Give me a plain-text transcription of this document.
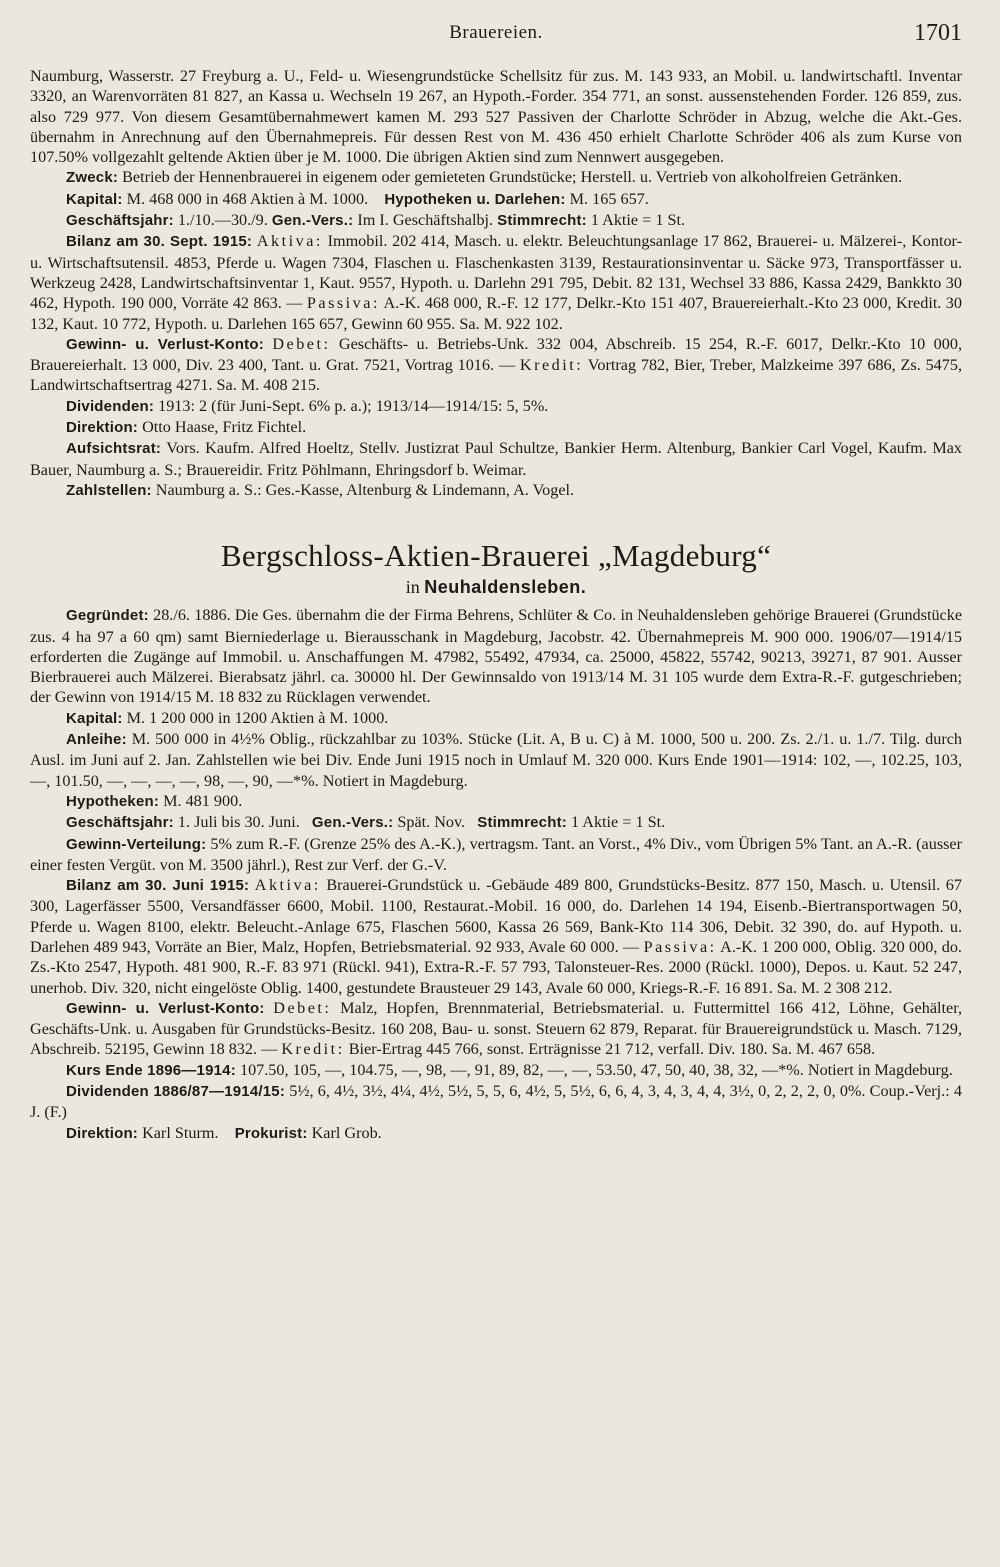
Brauereien.	1701

Naumburg, Wasserstr. 27 Freyburg a. U., Feld- u. Wiesengrundstücke Schellsitz für zus. M. 143 933, an Mobil. u. landwirtschaftl. Inventar 3320, an Warenvorräten 81 827, an Kassa u. Wechseln 19 267, an Hypoth.-Forder. 354 771, an sonst. aussenstehenden Forder. 126 859, zus. also 729 977. Von diesem Gesamtübernahmewert kamen M. 293 527 Passiven der Charlotte Schröder in Abzug, welche die Akt.-Ges. übernahm in Anrechnung auf den Übernahmepreis. Für dessen Rest von M. 436 450 erhielt Charlotte Schröder 406 als zum Kurse von 107.50% vollgezahlt geltende Aktien über je M. 1000. Die übrigen Aktien sind zum Nennwert ausgegeben.

Zweck: Betrieb der Hennenbrauerei in eigenem oder gemieteten Grundstücke; Herstell. u. Vertrieb von alkoholfreien Getränken.

Kapital: M. 468 000 in 468 Aktien à M. 1000. Hypotheken u. Darlehen: M. 165 657.

Geschäftsjahr: 1./10.—30./9. Gen.-Vers.: Im I. Geschäftshalbj. Stimmrecht: 1 Aktie = 1 St.

Bilanz am 30. Sept. 1915: Aktiva: Immobil. 202 414, Masch. u. elektr. Beleuchtungsanlage 17 862, Brauerei- u. Mälzerei-, Kontor- u. Wirtschaftsutensil. 4853, Pferde u. Wagen 7304, Flaschen u. Flaschenkasten 3139, Restaurationsinventar u. Säcke 973, Transportfässer u. Werkzeug 2428, Landwirtschaftsinventar 1, Kaut. 9557, Hypoth. u. Darlehn 291 795, Debit. 82 131, Wechsel 33 886, Kassa 2429, Bankkto 30 462, Hypoth. 190 000, Vorräte 42 863. — Passiva: A.-K. 468 000, R.-F. 12 177, Delkr.-Kto 151 407, Brauereierhalt.-Kto 23 000, Kredit. 30 132, Kaut. 10 772, Hypoth. u. Darlehen 165 657, Gewinn 60 955. Sa. M. 922 102.

Gewinn- u. Verlust-Konto: Debet: Geschäfts- u. Betriebs-Unk. 332 004, Abschreib. 15 254, R.-F. 6017, Delkr.-Kto 10 000, Brauereierhalt. 13 000, Div. 23 400, Tant. u. Grat. 7521, Vortrag 1016. — Kredit: Vortrag 782, Bier, Treber, Malzkeime 397 686, Zs. 5475, Landwirtschaftsertrag 4271. Sa. M. 408 215.

Dividenden: 1913: 2 (für Juni-Sept. 6% p. a.); 1913/14—1914/15: 5, 5%.

Direktion: Otto Haase, Fritz Fichtel.

Aufsichtsrat: Vors. Kaufm. Alfred Hoeltz, Stellv. Justizrat Paul Schultze, Bankier Herm. Altenburg, Bankier Carl Vogel, Kaufm. Max Bauer, Naumburg a. S.; Brauereidir. Fritz Pöhlmann, Ehringsdorf b. Weimar.

Zahlstellen: Naumburg a. S.: Ges.-Kasse, Altenburg & Lindemann, A. Vogel.

Bergschloss-Aktien-Brauerei „Magdeburg“
in Neuhaldensleben.

Gegründet: 28./6. 1886. Die Ges. übernahm die der Firma Behrens, Schlüter & Co. in Neuhaldensleben gehörige Brauerei (Grundstücke zus. 4 ha 97 a 60 qm) samt Bierniederlage u. Bierausschank in Magdeburg, Jacobstr. 42. Übernahmepreis M. 900 000. 1906/07—1914/15 erforderten die Zugänge auf Immobil. u. Anschaffungen M. 47982, 55492, 47934, ca. 25000, 45822, 55742, 90213, 39271, 87 901. Ausser Bierbrauerei auch Mälzerei. Bierabsatz jährl. ca. 30000 hl. Der Gewinnsaldo von 1913/14 M. 31 105 wurde dem Extra-R.-F. gutgeschrieben; der Gewinn von 1914/15 M. 18 832 zu Rücklagen verwendet.

Kapital: M. 1 200 000 in 1200 Aktien à M. 1000.

Anleihe: M. 500 000 in 4½% Oblig., rückzahlbar zu 103%. Stücke (Lit. A, B u. C) à M. 1000, 500 u. 200. Zs. 2./1. u. 1./7. Tilg. durch Ausl. im Juni auf 2. Jan. Zahlstellen wie bei Div. Ende Juni 1915 noch in Umlauf M. 320 000. Kurs Ende 1901—1914: 102, —, 102.25, 103, —, 101.50, —, —, —, —, 98, —, 90, —*%. Notiert in Magdeburg.

Hypotheken: M. 481 900.

Geschäftsjahr: 1. Juli bis 30. Juni. Gen.-Vers.: Spät. Nov. Stimmrecht: 1 Aktie = 1 St.

Gewinn-Verteilung: 5% zum R.-F. (Grenze 25% des A.-K.), vertragsm. Tant. an Vorst., 4% Div., vom Übrigen 5% Tant. an A.-R. (ausser einer festen Vergüt. von M. 3500 jährl.), Rest zur Verf. der G.-V.

Bilanz am 30. Juni 1915: Aktiva: Brauerei-Grundstück u. -Gebäude 489 800, Grundstücks-Besitz. 877 150, Masch. u. Utensil. 67 300, Lagerfässer 5500, Versandfässer 6600, Mobil. 1100, Restaurat.-Mobil. 16 000, do. Darlehen 14 194, Eisenb.-Biertransportwagen 50, Pferde u. Wagen 8100, elektr. Beleucht.-Anlage 675, Flaschen 5600, Kassa 26 569, Bank-Kto 114 306, Debit. 32 390, do. auf Hypoth. u. Darlehen 489 943, Vorräte an Bier, Malz, Hopfen, Betriebsmaterial. 92 933, Avale 60 000. — Passiva: A.-K. 1 200 000, Oblig. 320 000, do. Zs.-Kto 2547, Hypoth. 481 900, R.-F. 83 971 (Rückl. 941), Extra-R.-F. 57 793, Talonsteuer-Res. 2000 (Rückl. 1000), Depos. u. Kaut. 52 247, unerhob. Div. 320, nicht eingelöste Oblig. 1400, gestundete Brausteuer 29 143, Avale 60 000, Kriegs-R.-F. 16 891. Sa. M. 2 308 212.

Gewinn- u. Verlust-Konto: Debet: Malz, Hopfen, Brennmaterial, Betriebsmaterial. u. Futtermittel 166 412, Löhne, Gehälter, Geschäfts-Unk. u. Ausgaben für Grundstücks-Besitz. 160 208, Bau- u. sonst. Steuern 62 879, Reparat. für Brauereigrundstück u. Masch. 7129, Abschreib. 52195, Gewinn 18 832. — Kredit: Bier-Ertrag 445 766, sonst. Erträgnisse 21 712, verfall. Div. 180. Sa. M. 467 658.

Kurs Ende 1896—1914: 107.50, 105, —, 104.75, —, 98, —, 91, 89, 82, —, —, 53.50, 47, 50, 40, 38, 32, —*%. Notiert in Magdeburg.

Dividenden 1886/87—1914/15: 5½, 6, 4½, 3½, 4¼, 4½, 5½, 5, 5, 6, 4½, 5, 5½, 6, 6, 4, 3, 4, 3, 4, 4, 3½, 0, 2, 2, 2, 0, 0%. Coup.-Verj.: 4 J. (F.)

Direktion: Karl Sturm. Prokurist: Karl Grob.
